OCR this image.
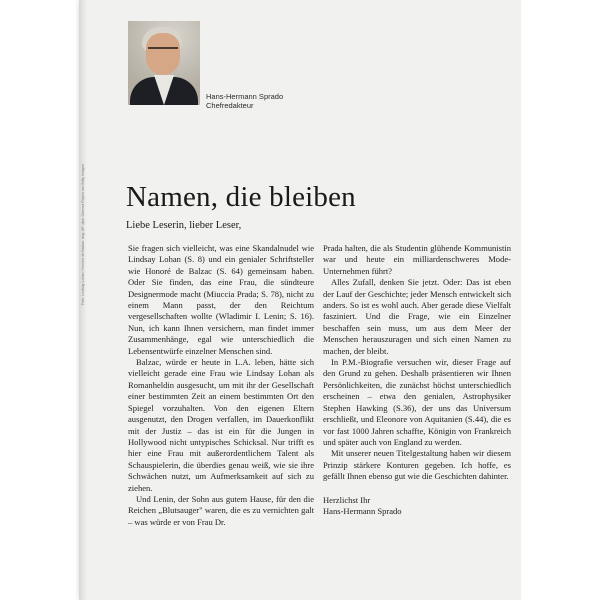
Hans-Hermann Sprado
Chefredakteur
Foto: Lindsay Lohan / Honoré de Balzac: akg; AP; dpa; Gamma Rapho via Getty Images Namen, die bleiben
Liebe Leserin, lieber Leser,

Sie fragen sich vielleicht, was eine Skandalnudel wie Lindsay Lohan (S. 8) und ein genialer Schriftsteller wie Honoré de Balzac (S. 64) gemeinsam haben. Oder Sie finden, das eine Frau, die sündteure Designermode macht (Miuccia Prada; S. 78), nicht zu einem Mann passt, der den Reichtum vergesellschaften wollte (Wladimir I. Lenin; S. 16). Nun, ich kann Ihnen versichern, man findet immer Zusammenhänge, egal wie unterschiedlich die Lebensentwürfe einzelner Menschen sind.

Balzac, würde er heute in L.A. leben, hätte sich vielleicht gerade eine Frau wie Lindsay Lohan als Romanheldin ausgesucht, um mit ihr der Gesellschaft einer bestimmten Zeit an einem bestimmten Ort den Spiegel vorzuhalten. Von den eigenen Eltern ausgenutzt, den Drogen verfallen, im Dauerkonflikt mit der Justiz – das ist ein für die Jungen in Hollywood nicht untypisches Schicksal. Nur trifft es hier eine Frau mit außerordentlichem Talent als Schauspielerin, die überdies genau weiß, wie sie ihre Schwächen nutzt, um Aufmerksamkeit auf sich zu ziehen.

Und Lenin, der Sohn aus gutem Hause, für den die Reichen „Blutsauger" waren, die es zu vernichten galt – was würde er von Frau Dr.

Prada halten, die als Studentin glühende Kommunistin war und heute ein milliardenschweres Mode-Unternehmen führt?

Alles Zufall, denken Sie jetzt. Oder: Das ist eben der Lauf der Geschichte; jeder Mensch entwickelt sich anders. So ist es wohl auch. Aber gerade diese Vielfalt fasziniert. Und die Frage, wie ein Einzelner beschaffen sein muss, um aus dem Meer der Menschen herauszuragen und sich einen Namen zu machen, der bleibt.

In P.M.-Biografie versuchen wir, dieser Frage auf den Grund zu gehen. Deshalb präsentieren wir Ihnen Persönlichkeiten, die zunächst höchst unterschiedlich erscheinen – etwa den genialen, Astrophysiker Stephen Hawking (S.36), der uns das Universum erschließt, und Eleonore von Aquitanien (S.44), die es vor fast 1000 Jahren schaffte, Königin von Frankreich und später auch von England zu werden.

Mit unserer neuen Titelgestaltung haben wir diesem Prinzip stärkere Konturen gegeben. Ich hoffe, es gefällt Ihnen ebenso gut wie die Geschichten dahinter.

Herzlichst Ihr

Hans-Hermann Sprado
